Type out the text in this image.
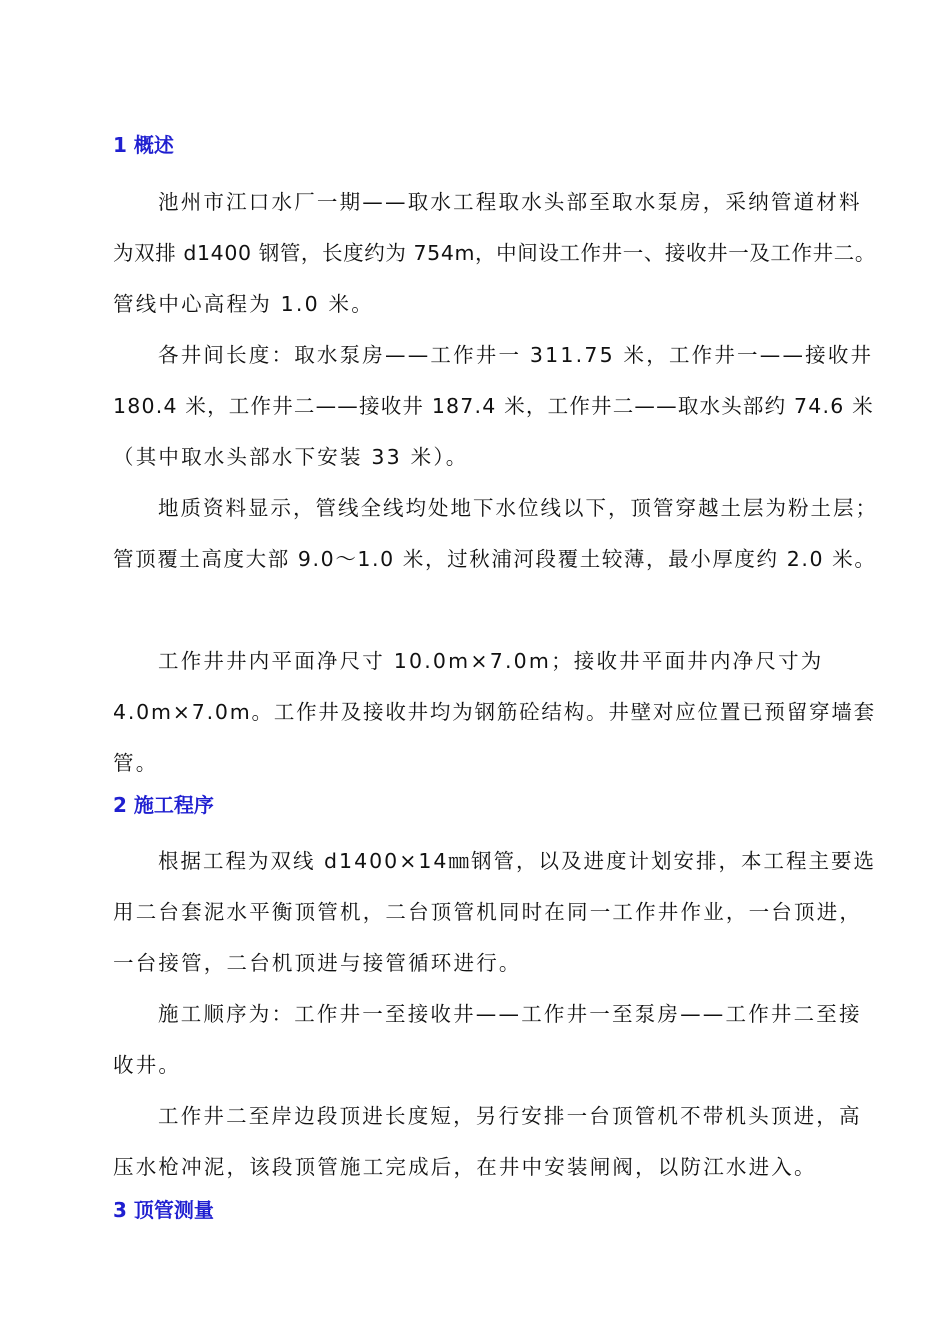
1 概述

池州市江口水厂一期——取水工程取水头部至取水泵房，采纳管道材料

为双排 d1400 钢管，长度约为 754m，中间设工作井一、接收井一及工作井二。

管线中心高程为 1.0 米。

各井间长度：取水泵房——工作井一 311.75 米，工作井一——接收井

180.4 米，工作井二——接收井 187.4 米，工作井二——取水头部约 74.6 米

（其中取水头部水下安装 33 米）。

地质资料显示，管线全线均处地下水位线以下，顶管穿越土层为粉土层；

管顶覆土高度大部 9.0～1.0 米，过秋浦河段覆土较薄，最小厚度约 2.0 米。

工作井井内平面净尺寸 10.0m×7.0m；接收井平面井内净尺寸为

4.0m×7.0m。工作井及接收井均为钢筋砼结构。井壁对应位置已预留穿墙套

管。

2 施工程序

根据工程为双线 d1400×14㎜钢管，以及进度计划安排，本工程主要选

用二台套泥水平衡顶管机，二台顶管机同时在同一工作井作业，一台顶进，

一台接管，二台机顶进与接管循环进行。

施工顺序为：工作井一至接收井——工作井一至泵房——工作井二至接

收井。

工作井二至岸边段顶进长度短，另行安排一台顶管机不带机头顶进，高

压水枪冲泥，该段顶管施工完成后，在井中安装闸阀，以防江水进入。

3 顶管测量
